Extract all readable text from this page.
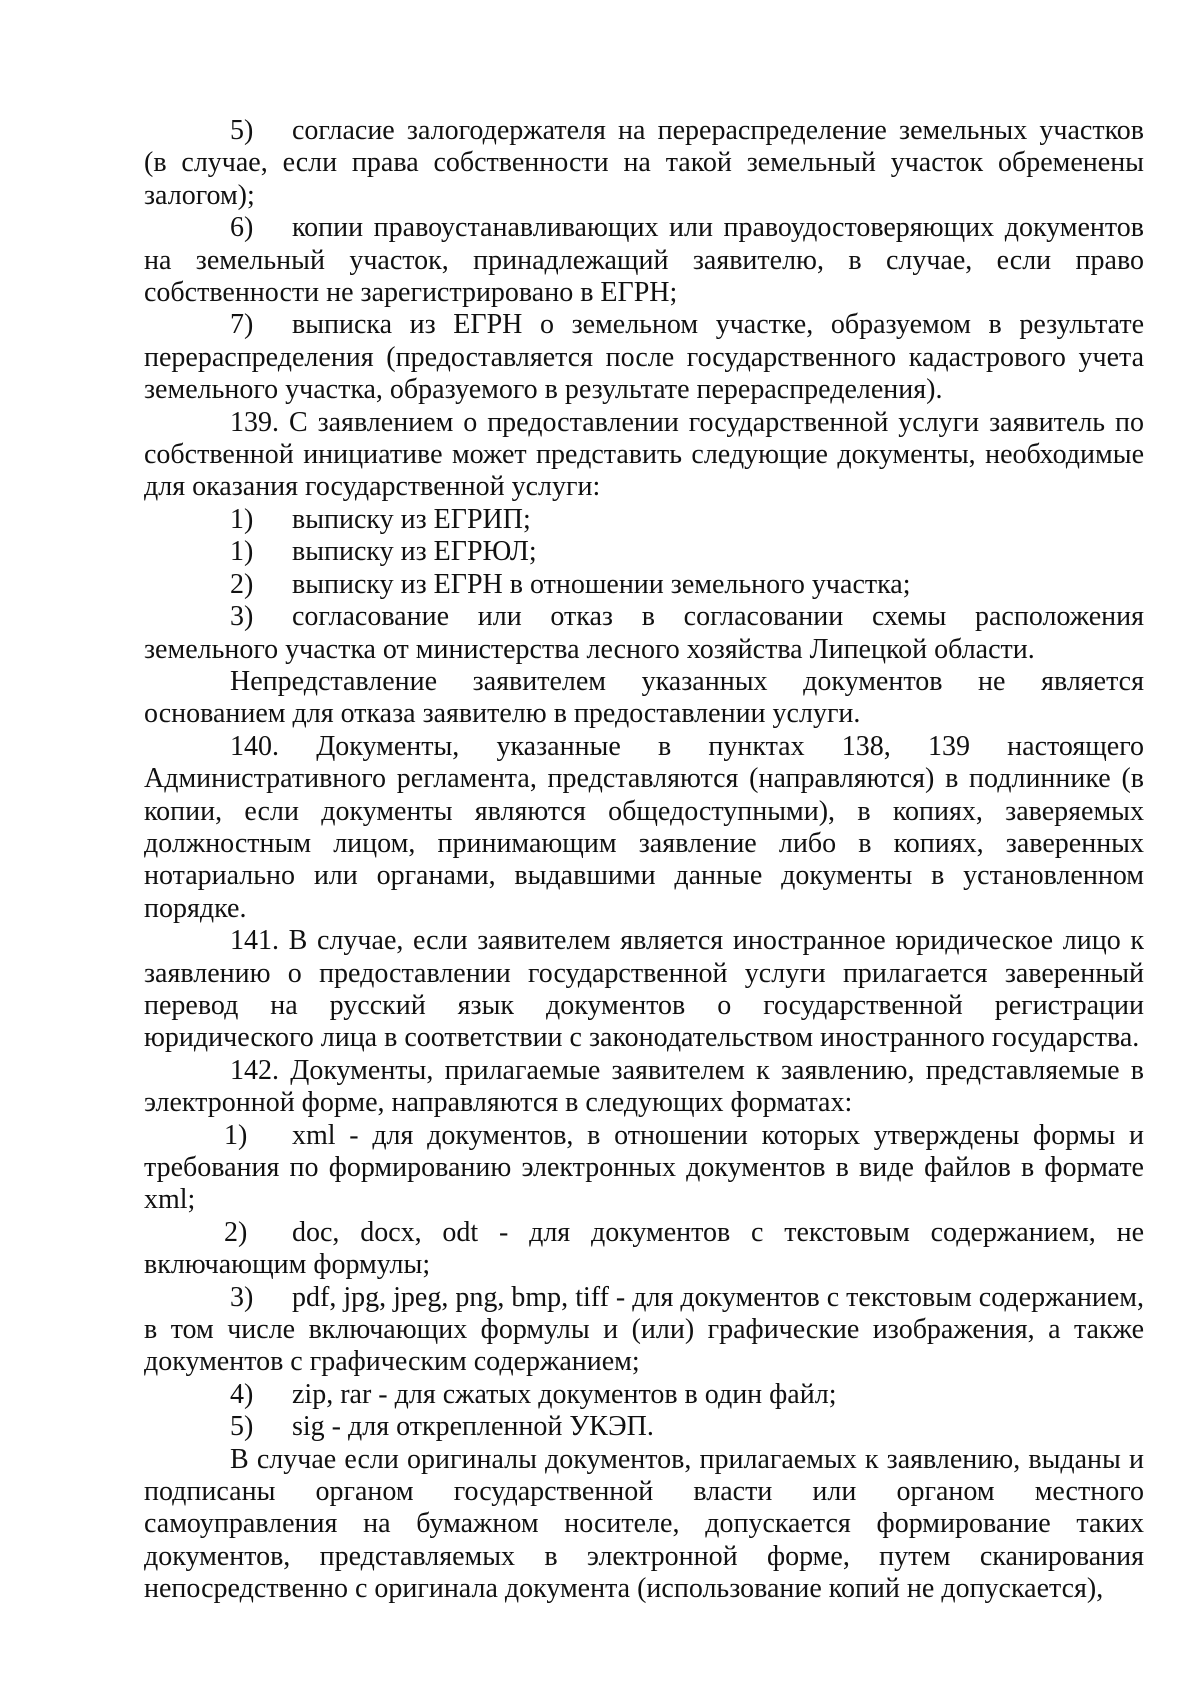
5) согласие залогодержателя на перераспределение земельных участков (в случае, если права собственности на такой земельный участок обременены залогом);

6) копии правоустанавливающих или правоудостоверяющих документов на земельный участок, принадлежащий заявителю, в случае, если право собственности не зарегистрировано в ЕГРН;

7) выписка из ЕГРН о земельном участке, образуемом в результате перераспределения (предоставляется после государственного кадастрового учета земельного участка, образуемого в результате перераспределения).

139. С заявлением о предоставлении государственной услуги заявитель по собственной инициативе может представить следующие документы, необходимые для оказания государственной услуги:

1) выписку из ЕГРИП;

1) выписку из ЕГРЮЛ;

2) выписку из ЕГРН в отношении земельного участка;

3) согласование или отказ в согласовании схемы расположения земельного участка от министерства лесного хозяйства Липецкой области.

Непредставление заявителем указанных документов не является основанием для отказа заявителю в предоставлении услуги.

140. Документы, указанные в пунктах 138, 139 настоящего Административного регламента, представляются (направляются) в подлиннике (в копии, если документы являются общедоступными), в копиях, заверяемых должностным лицом, принимающим заявление либо в копиях, заверенных нотариально или органами, выдавшими данные документы в установленном порядке.

141. В случае, если заявителем является иностранное юридическое лицо к заявлению о предоставлении государственной услуги прилагается заверенный перевод на русский язык документов о государственной регистрации юридического лица в соответствии с законодательством иностранного государства.

142. Документы, прилагаемые заявителем к заявлению, представляемые в электронной форме, направляются в следующих форматах:

1) xml - для документов, в отношении которых утверждены формы и требования по формированию электронных документов в виде файлов в формате xml;

2) doc, docx, odt - для документов с текстовым содержанием, не включающим формулы;

3) pdf, jpg, jpeg, png, bmp, tiff - для документов с текстовым содержанием, в том числе включающих формулы и (или) графические изображения, а также документов с графическим содержанием;

4) zip, rar - для сжатых документов в один файл;

5) sig - для открепленной УКЭП.

В случае если оригиналы документов, прилагаемых к заявлению, выданы и подписаны органом государственной власти или органом местного самоуправления на бумажном носителе, допускается формирование таких документов, представляемых в электронной форме, путем сканирования непосредственно с оригинала документа (использование копий не допускается),
